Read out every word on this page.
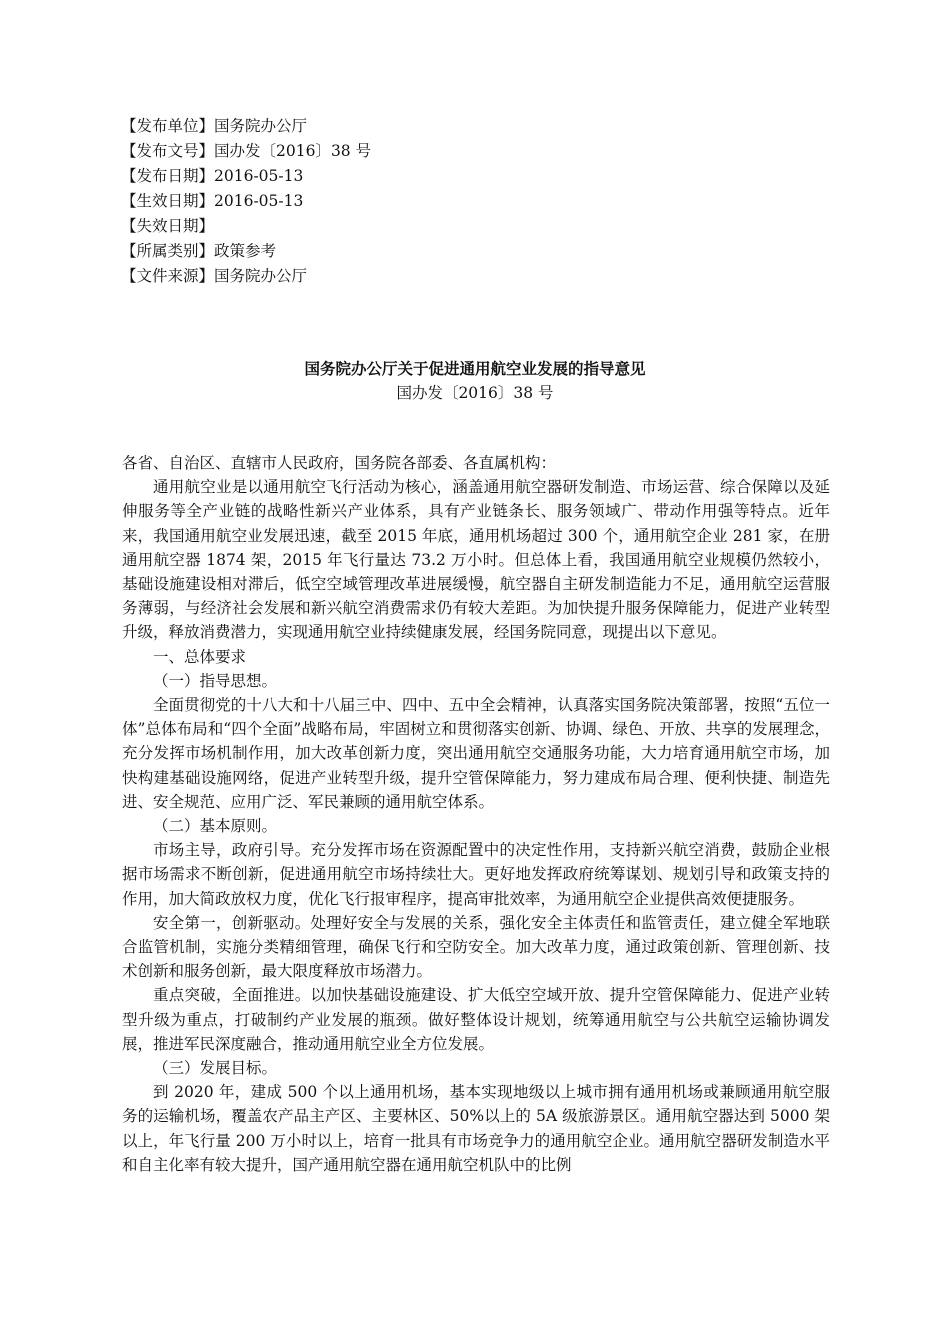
【发布单位】国务院办公厅
【发布文号】国办发〔2016〕38 号
【发布日期】2016-05-13
【生效日期】2016-05-13
【失效日期】
【所属类别】政策参考
【文件来源】国务院办公厅
国务院办公厅关于促进通用航空业发展的指导意见
国办发〔2016〕38 号

各省、自治区、直辖市人民政府，国务院各部委、各直属机构：

通用航空业是以通用航空飞行活动为核心，涵盖通用航空器研发制造、市场运营、综合保障以及延伸服务等全产业链的战略性新兴产业体系，具有产业链条长、服务领域广、带动作用强等特点。近年来，我国通用航空业发展迅速，截至 2015 年底，通用机场超过 300 个，通用航空企业 281 家，在册通用航空器 1874 架，2015 年飞行量达 73.2 万小时。但总体上看，我国通用航空业规模仍然较小，基础设施建设相对滞后，低空空域管理改革进展缓慢，航空器自主研发制造能力不足，通用航空运营服务薄弱，与经济社会发展和新兴航空消费需求仍有较大差距。为加快提升服务保障能力，促进产业转型升级，释放消费潜力，实现通用航空业持续健康发展，经国务院同意，现提出以下意见。

一、总体要求

（一）指导思想。

全面贯彻党的十八大和十八届三中、四中、五中全会精神，认真落实国务院决策部署，按照“五位一体”总体布局和“四个全面”战略布局，牢固树立和贯彻落实创新、协调、绿色、开放、共享的发展理念，充分发挥市场机制作用，加大改革创新力度，突出通用航空交通服务功能，大力培育通用航空市场，加快构建基础设施网络，促进产业转型升级，提升空管保障能力，努力建成布局合理、便利快捷、制造先进、安全规范、应用广泛、军民兼顾的通用航空体系。

（二）基本原则。

市场主导，政府引导。充分发挥市场在资源配置中的决定性作用，支持新兴航空消费，鼓励企业根据市场需求不断创新，促进通用航空市场持续壮大。更好地发挥政府统筹谋划、规划引导和政策支持的作用，加大简政放权力度，优化飞行报审程序，提高审批效率，为通用航空企业提供高效便捷服务。

安全第一，创新驱动。处理好安全与发展的关系，强化安全主体责任和监管责任，建立健全军地联合监管机制，实施分类精细管理，确保飞行和空防安全。加大改革力度，通过政策创新、管理创新、技术创新和服务创新，最大限度释放市场潜力。

重点突破，全面推进。以加快基础设施建设、扩大低空空域开放、提升空管保障能力、促进产业转型升级为重点，打破制约产业发展的瓶颈。做好整体设计规划，统筹通用航空与公共航空运输协调发展，推进军民深度融合，推动通用航空业全方位发展。

（三）发展目标。

到 2020 年，建成 500 个以上通用机场，基本实现地级以上城市拥有通用机场或兼顾通用航空服务的运输机场，覆盖农产品主产区、主要林区、50%以上的 5A 级旅游景区。通用航空器达到 5000 架以上，年飞行量 200 万小时以上，培育一批具有市场竞争力的通用航空企业。通用航空器研发制造水平和自主化率有较大提升，国产通用航空器在通用航空机队中的比例
